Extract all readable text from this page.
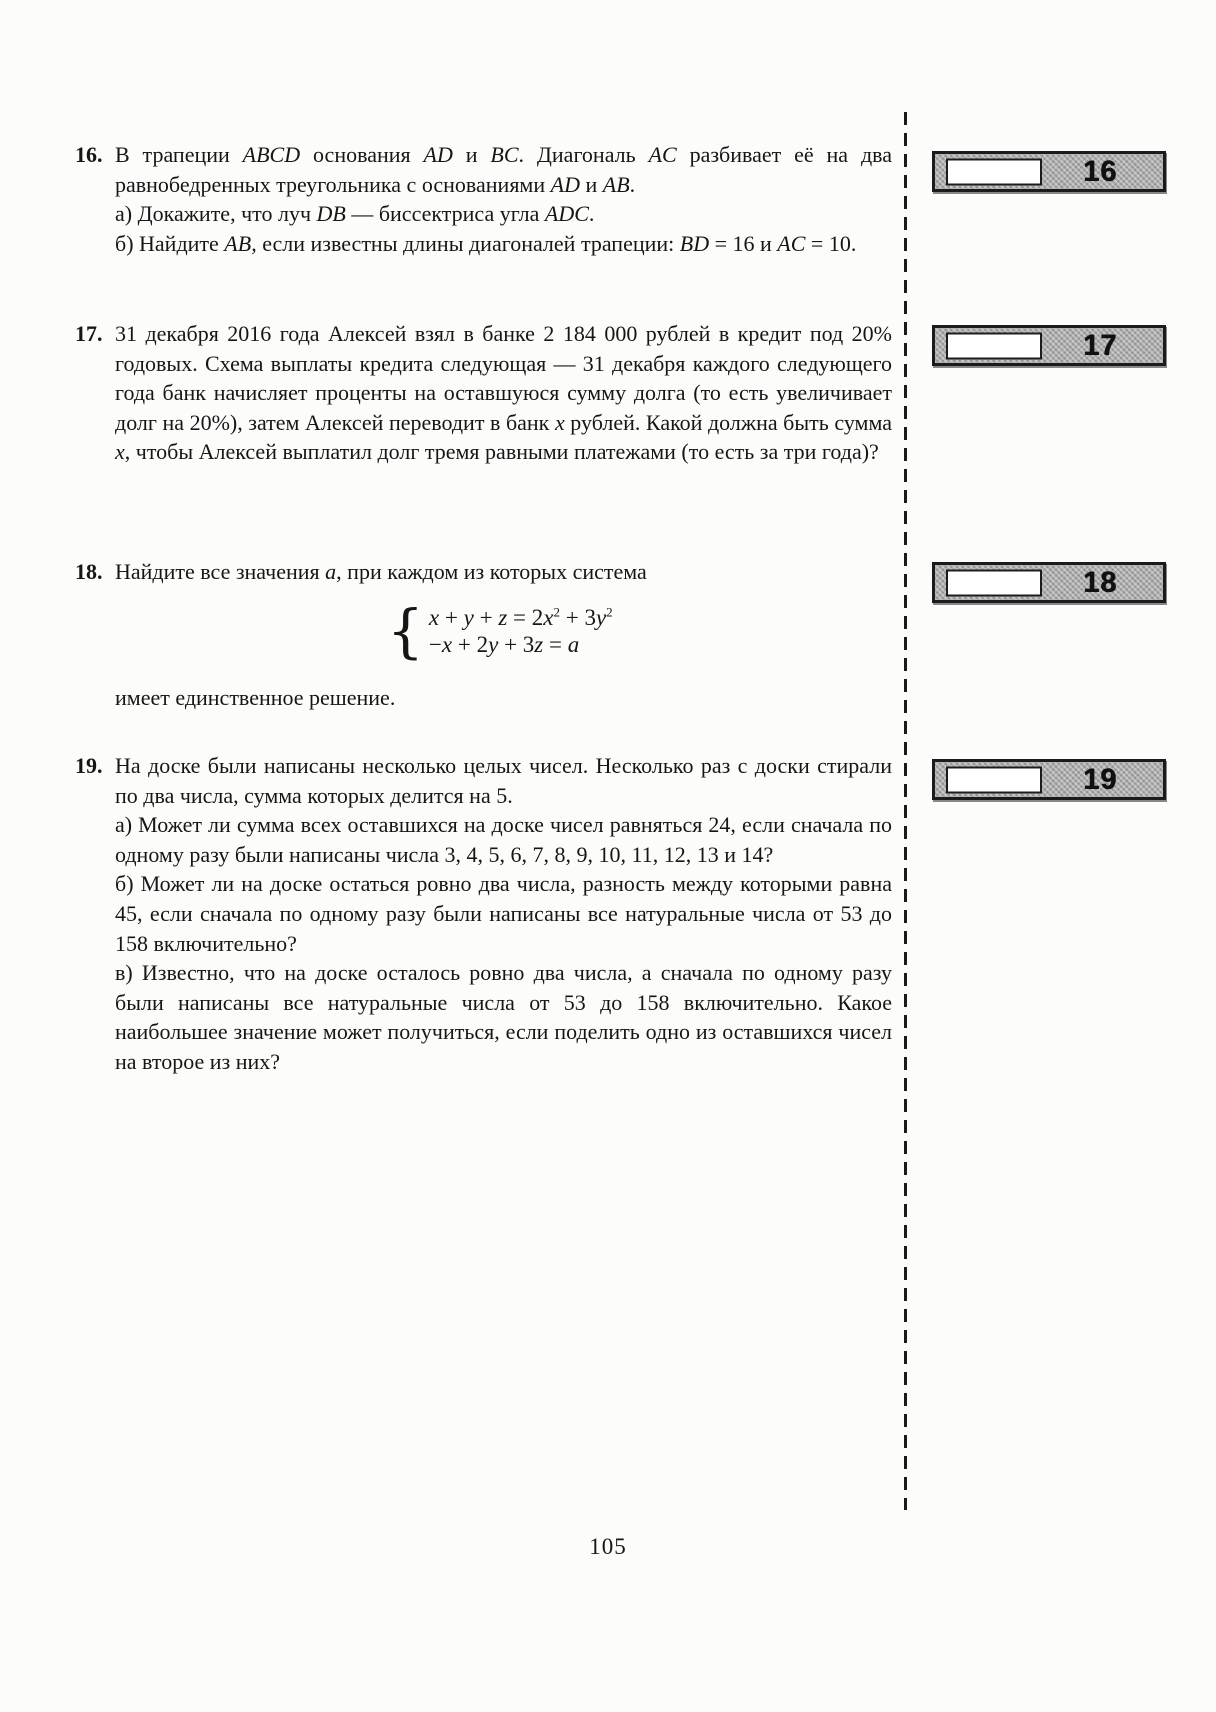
16. В трапеции ABCD основания AD и BC. Диагональ AC разбивает её на два равнобедренных треугольника с основаниями AD и AB.
а) Докажите, что луч DB — биссектриса угла ADC.
б) Найдите AB, если известны длины диагоналей трапеции: BD = 16 и AC = 10.
17. 31 декабря 2016 года Алексей взял в банке 2 184 000 рублей в кредит под 20% годовых. Схема выплаты кредита следующая — 31 декабря каждого следующего года банк начисляет проценты на оставшуюся сумму долга (то есть увеличивает долг на 20%), затем Алексей переводит в банк x рублей. Какой должна быть сумма x, чтобы Алексей выплатил долг тремя равными платежами (то есть за три года)?
18. Найдите все значения a, при каждом из которых система
{ $x + y + z = 2x^2 + 3y^2$
−x + 2y + 3z = a
имеет единственное решение.
19. На доске были написаны несколько целых чисел. Несколько раз с доски стирали по два числа, сумма которых делится на 5.
а) Может ли сумма всех оставшихся на доске чисел равняться 24, если сначала по одному разу были написаны числа 3, 4, 5, 6, 7, 8, 9, 10, 11, 12, 13 и 14?
б) Может ли на доске остаться ровно два числа, разность между которыми равна 45, если сначала по одному разу были написаны все натуральные числа от 53 до 158 включительно?
в) Известно, что на доске осталось ровно два числа, а сначала по одному разу были написаны все натуральные числа от 53 до 158 включительно. Какое наибольшее значение может получиться, если поделить одно из оставшихся чисел на второе из них?
16
17
18
19
105
